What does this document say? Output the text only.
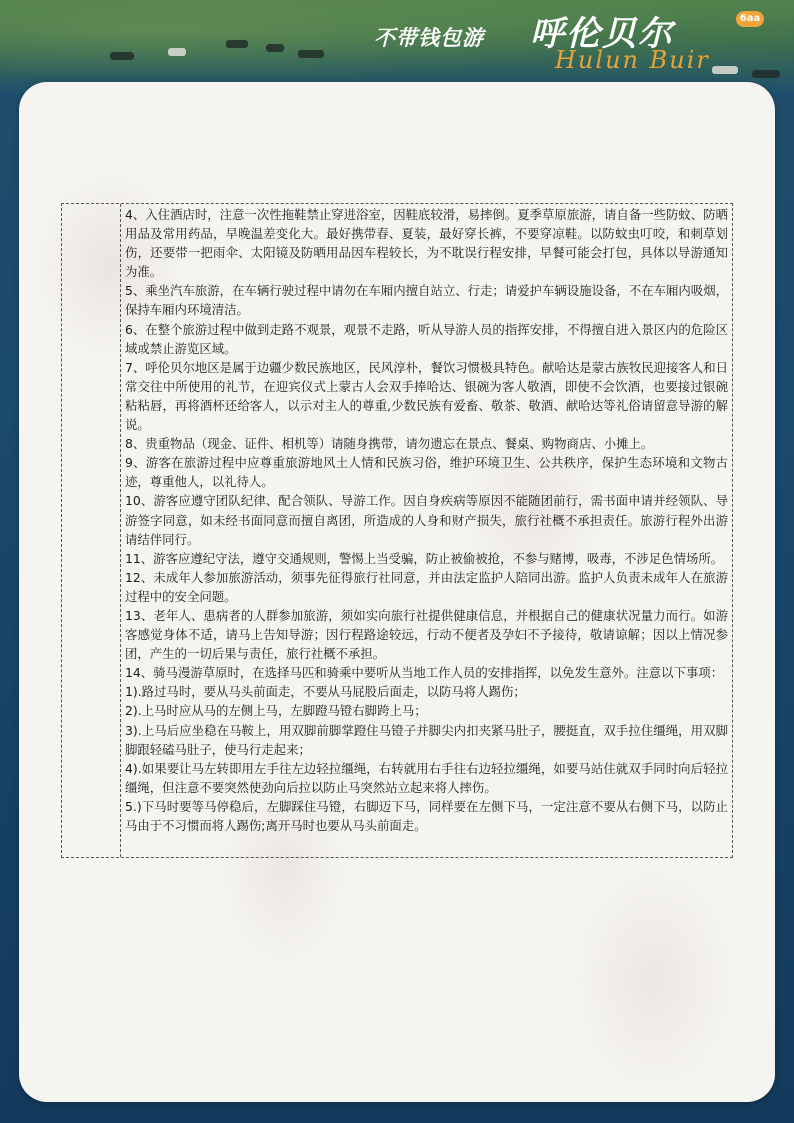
不带钱包游 呼伦贝尔
Hulun Buir
6aa

4、入住酒店时，注意一次性拖鞋禁止穿进浴室，因鞋底较滑，易摔倒。夏季草原旅游，请自备一些防蚊、防晒用品及常用药品，早晚温差变化大。最好携带春、夏装，最好穿长裤，不要穿凉鞋。以防蚊虫叮咬，和刺草划伤，还要带一把雨伞、太阳镜及防晒用品因车程较长，为不耽误行程安排，早餐可能会打包，具体以导游通知为准。

5、乘坐汽车旅游，在车辆行驶过程中请勿在车厢内擅自站立、行走；请爱护车辆设施设备，不在车厢内吸烟，保持车厢内环境清洁。

6、在整个旅游过程中做到走路不观景，观景不走路，听从导游人员的指挥安排，不得擅自进入景区内的危险区域或禁止游览区域。

7、呼伦贝尔地区是属于边疆少数民族地区，民风淳朴，餐饮习惯极具特色。献哈达是蒙古族牧民迎接客人和日常交往中所使用的礼节，在迎宾仪式上蒙古人会双手捧哈达、银碗为客人敬酒，即使不会饮酒，也要接过银碗粘粘唇，再将酒杯还给客人，以示对主人的尊重,少数民族有爱畜、敬茶、敬酒、献哈达等礼俗请留意导游的解说。

8、贵重物品（现金、证件、相机等）请随身携带，请勿遗忘在景点、餐桌、购物商店、小摊上。

9、游客在旅游过程中应尊重旅游地风土人情和民族习俗，维护环境卫生、公共秩序，保护生态环境和文物古迹，尊重他人，以礼待人。

10、游客应遵守团队纪律、配合领队、导游工作。因自身疾病等原因不能随团前行，需书面申请并经领队、导游签字同意，如未经书面同意而擅自离团，所造成的人身和财产损失，旅行社概不承担责任。旅游行程外出游请结伴同行。

11、游客应遵纪守法，遵守交通规则，警惕上当受骗，防止被偷被抢，不参与赌博，吸毒，不涉足色情场所。

12、未成年人参加旅游活动，须事先征得旅行社同意，并由法定监护人陪同出游。监护人负责未成年人在旅游过程中的安全问题。

13、老年人、患病者的人群参加旅游，须如实向旅行社提供健康信息，并根据自己的健康状况量力而行。如游客感觉身体不适，请马上告知导游；因行程路途较远，行动不便者及孕妇不予接待，敬请谅解；因以上情况参团，产生的一切后果与责任，旅行社概不承担。

14、骑马漫游草原时，在选择马匹和骑乘中要听从当地工作人员的安排指挥，以免发生意外。注意以下事项：

1).路过马时，要从马头前面走，不要从马屁股后面走，以防马将人踢伤；

2).上马时应从马的左侧上马，左脚蹬马镫右脚跨上马；

3).上马后应坐稳在马鞍上，用双脚前脚掌蹬住马镫子并脚尖内扣夹紧马肚子，腰挺直，双手拉住缰绳，用双脚脚跟轻磕马肚子，使马行走起来；

4).如果要让马左转即用左手往左边轻拉缰绳，右转就用右手往右边轻拉缰绳，如要马站住就双手同时向后轻拉缰绳，但注意不要突然使劲向后拉以防止马突然站立起来将人摔伤。

5.)下马时要等马停稳后，左脚踩住马镫，右脚迈下马，同样要在左侧下马，一定注意不要从右侧下马，以防止马由于不习惯而将人踢伤;离开马时也要从马头前面走。
